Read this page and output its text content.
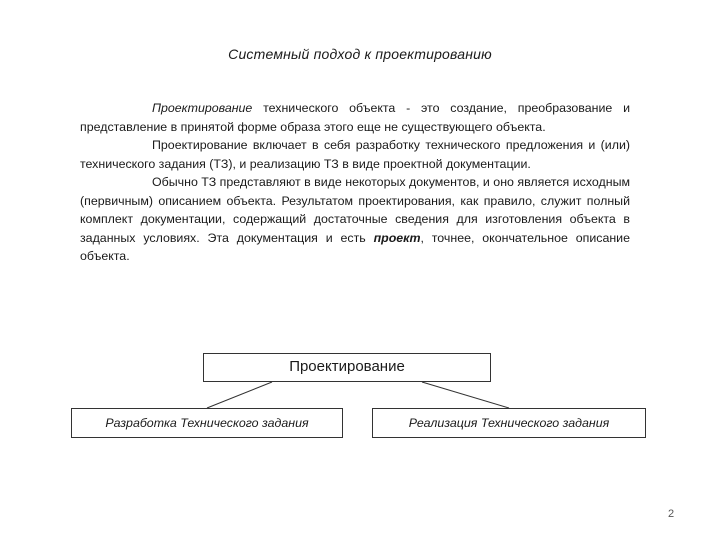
Системный подход к проектированию

Проектирование технического объекта - это создание, преобразование и представление в принятой форме образа этого еще не существующего объекта.

Проектирование включает в себя разработку технического предложения и (или) технического задания (ТЗ), и реализацию ТЗ в виде проектной документации.

Обычно ТЗ представляют в виде некоторых документов, и оно является исходным (первичным) описанием объекта. Результатом проектирования, как правило, служит полный комплект документации, содержащий достаточные сведения для изготовления объекта в заданных условиях. Эта документация и есть проект, точнее, окончательное описание объекта.

Проектирование
Разработка Технического задания	Реализация Технического задания
2
